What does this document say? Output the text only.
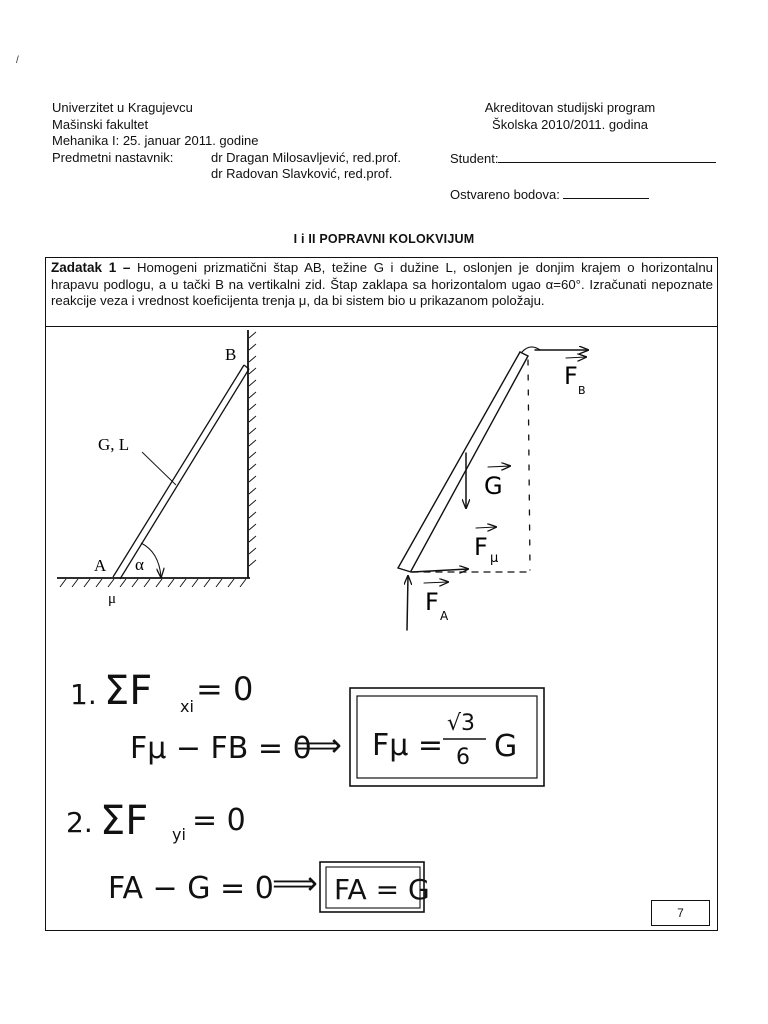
/
Univerzitet u Kragujevcu
Mašinski fakultet
Mehanika I: 25. januar 2011. godine
Predmetni nastavnik:	dr Dragan Milosavljević, red.prof.
dr Radovan Slavković, red.prof.
Akreditovan studijski program
Školska 2010/2011. godina
Student:
Ostvareno bodova:
I i II POPRAVNI KOLOKVIJUM
Zadatak 1 – Homogeni prizmatični štap AB, težine G i dužine L, oslonjen je donjim krajem o horizontalnu hrapavu podlogu, a u tački B na vertikalni zid. Štap zaklapa sa horizontalom ugao α=60°. Izračunati nepoznate reakcije veza i vrednost koeficijenta trenja μ, da bi sistem bio u prikazanom položaju.
B
A
G, L
α
μ
F
B
G
F μ
F A
1. ΣF xi = 0
Fμ − FB = 0
⟹ Fμ =
√3
6 G
2. ΣF yi = 0
FA − G = 0
⟹ FA = G
7
